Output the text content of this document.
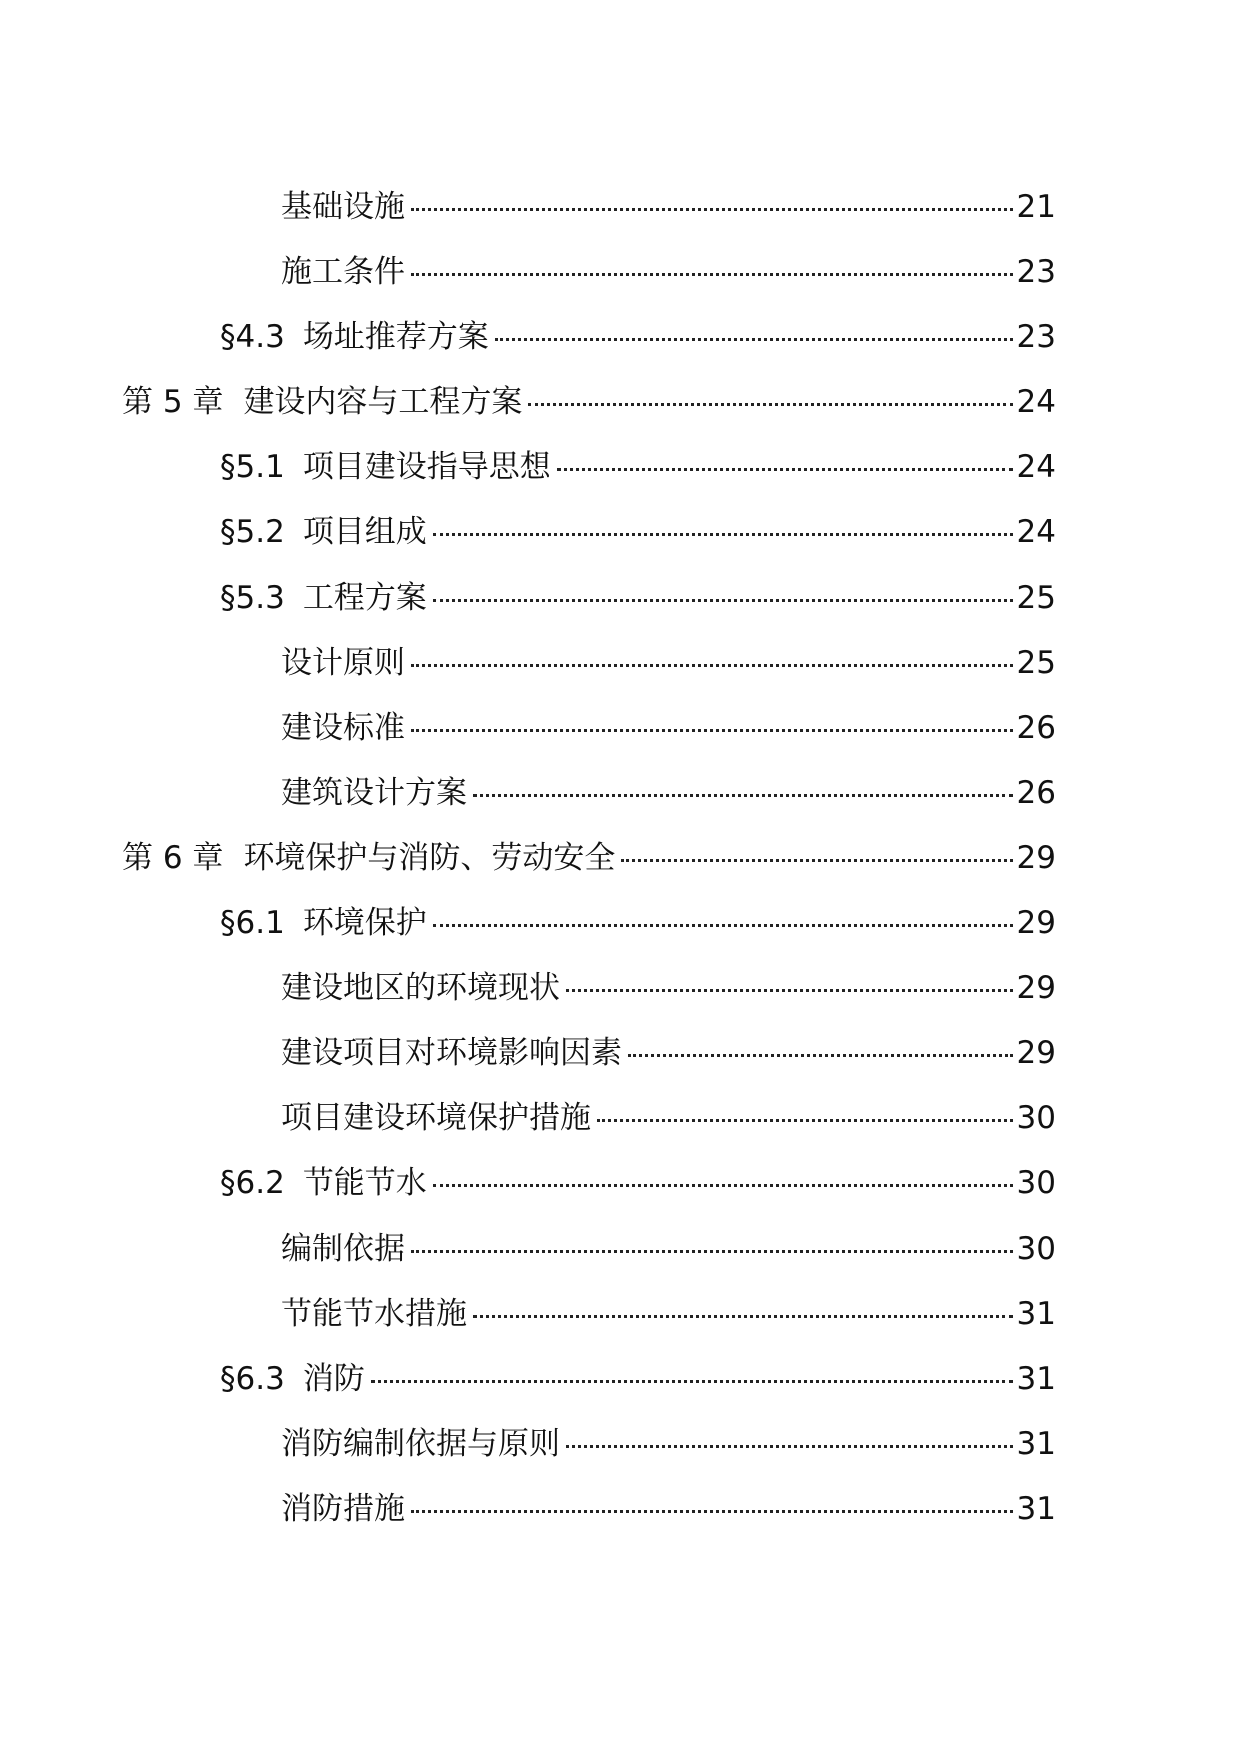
基础设施	21
施工条件	23
§4.3 场址推荐方案	23
第 5 章 建设内容与工程方案	24
§5.1 项目建设指导思想	24
§5.2 项目组成	24
§5.3 工程方案	25
设计原则	25
建设标准	26
建筑设计方案	26
第 6 章 环境保护与消防、劳动安全	29
§6.1 环境保护	29
建设地区的环境现状	29
建设项目对环境影响因素	29
项目建设环境保护措施	30
§6.2 节能节水	30
编制依据	30
节能节水措施	31
§6.3 消防	31
消防编制依据与原则	31
消防措施	31
